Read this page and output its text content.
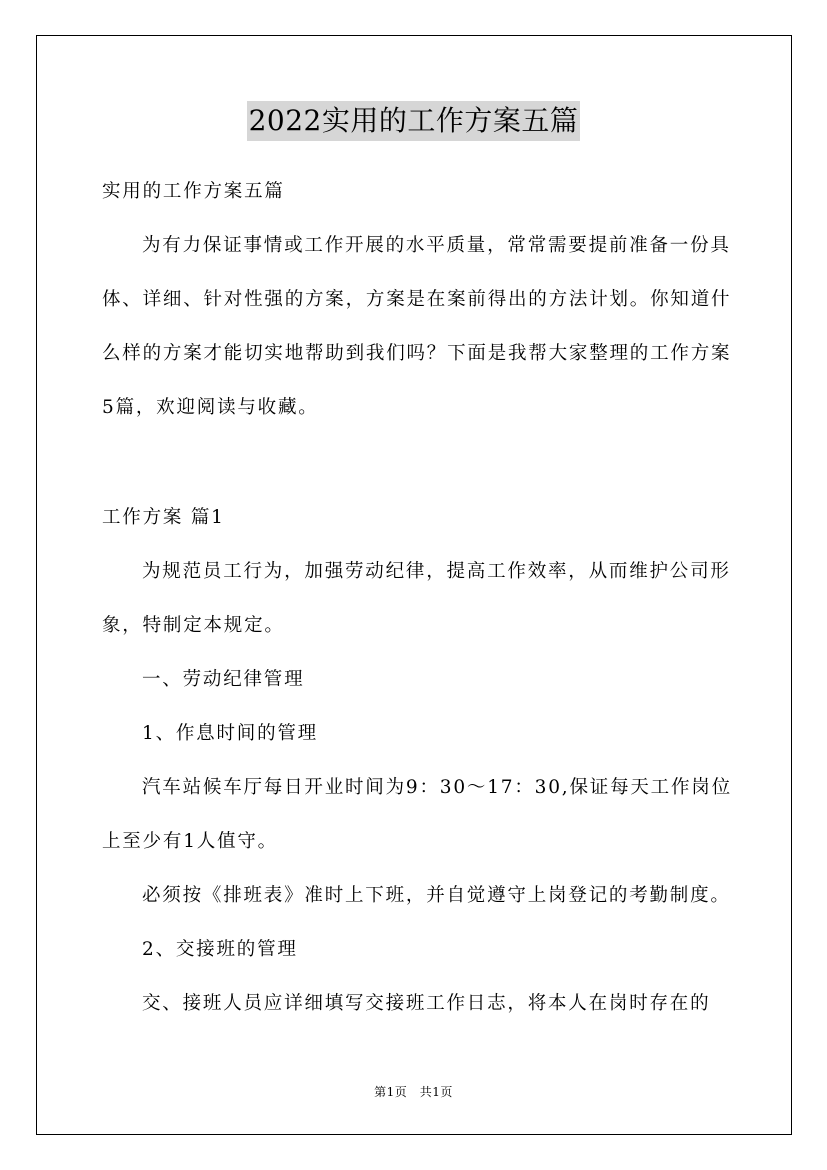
2022实用的工作方案五篇

实用的工作方案五篇

为有力保证事情或工作开展的水平质量，常常需要提前准备一份具体、详细、针对性强的方案，方案是在案前得出的方法计划。你知道什么样的方案才能切实地帮助到我们吗？下面是我帮大家整理的工作方案5篇，欢迎阅读与收藏。

工作方案 篇1

为规范员工行为，加强劳动纪律，提高工作效率，从而维护公司形象，特制定本规定。

一、劳动纪律管理

1、作息时间的管理

汽车站候车厅每日开业时间为9：30～17：30,保证每天工作岗位上至少有1人值守。

必须按《排班表》准时上下班，并自觉遵守上岗登记的考勤制度。

2、交接班的管理

交、接班人员应详细填写交接班工作日志，将本人在岗时存在的

第1页　共1页
